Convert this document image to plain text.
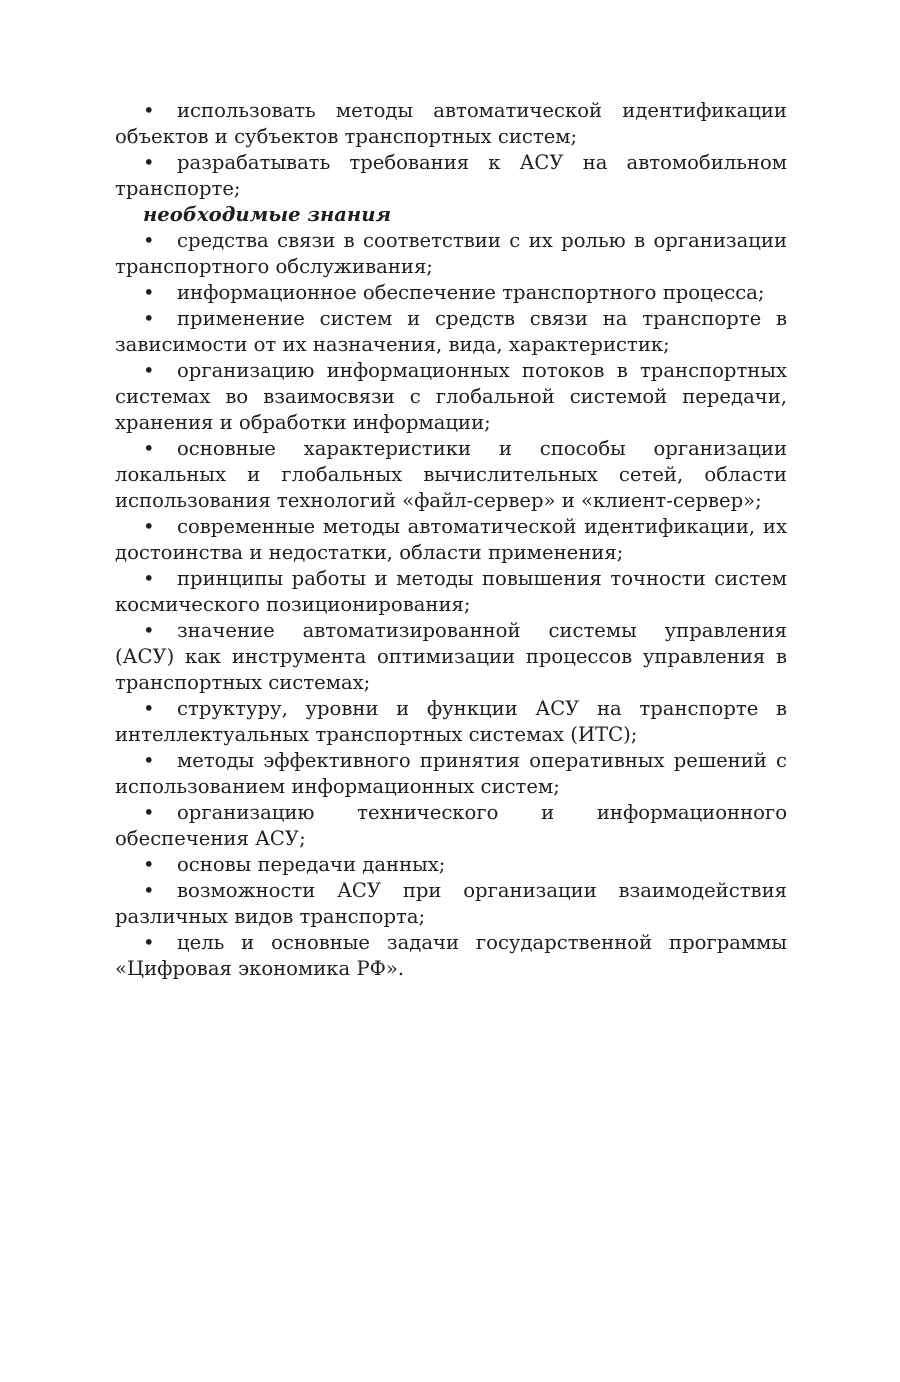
• использовать методы автоматической идентификации объектов и субъектов транспортных систем;

• разрабатывать требования к АСУ на автомобильном транспорте;

необходимые знания

• средства связи в соответствии с их ролью в организации транспортного обслуживания;

• информационное обеспечение транспортного процесса;

• применение систем и средств связи на транспорте в зависимости от их назначения, вида, характеристик;

• организацию информационных потоков в транспортных системах во взаимосвязи с глобальной системой передачи, хранения и обработки информации;

• основные характеристики и способы организации локальных и глобальных вычислительных сетей, области использования технологий «файл-сервер» и «клиент-сервер»;

• современные методы автоматической идентификации, их достоинства и недостатки, области применения;

• принципы работы и методы повышения точности систем космического позиционирования;

• значение автоматизированной системы управления (АСУ) как инструмента оптимизации процессов управления в транспортных системах;

• структуру, уровни и функции АСУ на транспорте в интеллектуальных транспортных системах (ИТС);

• методы эффективного принятия оперативных решений с использованием информационных систем;

• организацию технического и информационного обеспечения АСУ;

• основы передачи данных;

• возможности АСУ при организации взаимодействия различных видов транспорта;

• цель и основные задачи государственной программы «Цифровая экономика РФ».
